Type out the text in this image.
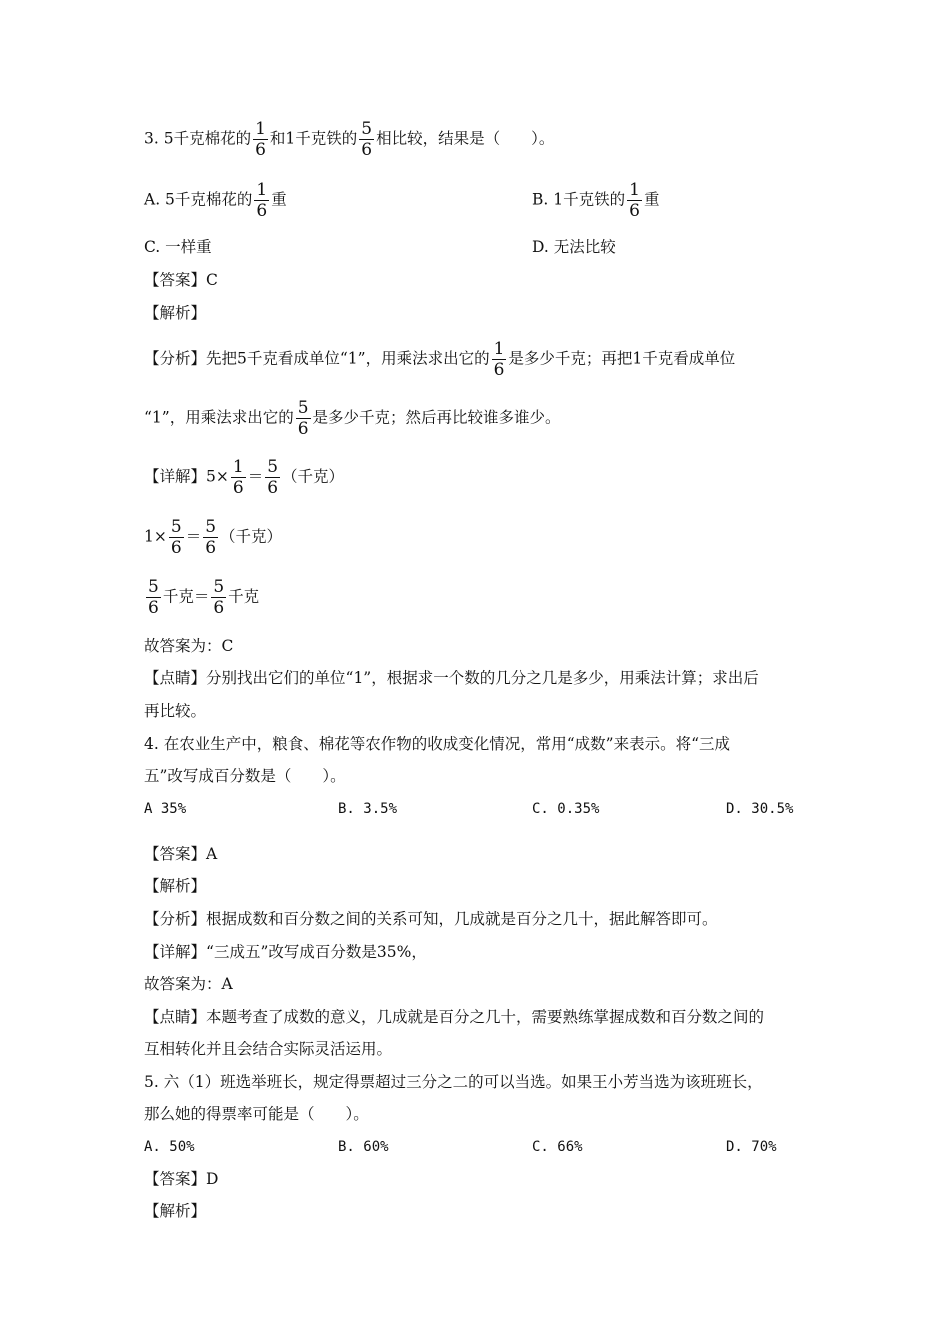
3. 5千克棉花的 $\frac{1}{6}$ 和1千克铁的 $\frac{5}{6}$ 相比较，结果是（　　）。
A. 5千克棉花的 $\frac{1}{6}$ 重	B. 1千克铁的 $\frac{1}{6}$ 重
C. 一样重	D. 无法比较
【答案】C
【解析】
【分析】先把5千克看成单位“1”，用乘法求出它的 $\frac{1}{6}$ 是多少千克；再把1千克看成单位
“1”，用乘法求出它的 $\frac{5}{6}$ 是多少千克；然后再比较谁多谁少。
【详解】$5\times \frac{1}{6} = \frac{5}{6}$ （千克）
$1\times \frac{5}{6} = \frac{5}{6}$ （千克）
$\frac{5}{6}$ 千克＝ $\frac{5}{6}$ 千克
故答案为：C
【点睛】分别找出它们的单位“1”，根据求一个数的几分之几是多少，用乘法计算；求出后
再比较。
4. 在农业生产中，粮食、棉花等农作物的收成变化情况，常用“成数”来表示。将“三成
五”改写成百分数是（　　）。
A 35%	B. 3.5%	C. 0.35%	D. 30.5%
【答案】A
【解析】
【分析】根据成数和百分数之间的关系可知，几成就是百分之几十，据此解答即可。
【详解】“三成五”改写成百分数是35%，
故答案为：A
【点睛】本题考查了成数的意义，几成就是百分之几十，需要熟练掌握成数和百分数之间的
互相转化并且会结合实际灵活运用。
5. 六（1）班选举班长，规定得票超过三分之二的可以当选。如果王小芳当选为该班班长，
那么她的得票率可能是（　　）。
A. 50%	B. 60%	C. 66%	D. 70%
【答案】D
【解析】
